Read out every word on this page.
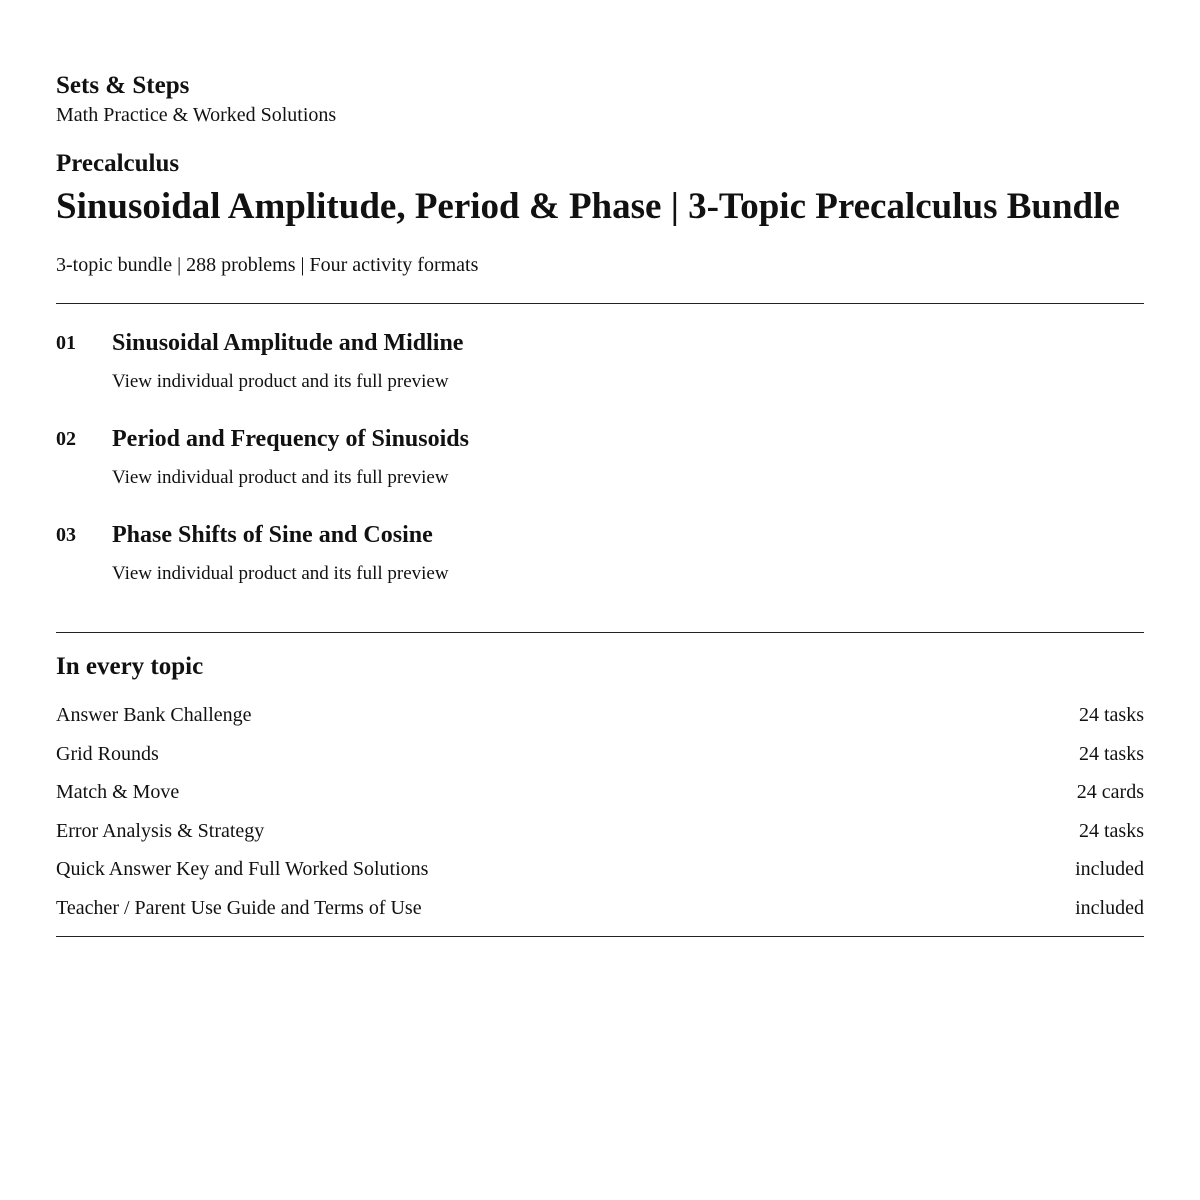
Sets & Steps

Math Practice & Worked Solutions

Precalculus

Sinusoidal Amplitude, Period & Phase | 3-Topic Precalculus Bundle

3-topic bundle | 288 problems | Four activity formats

01	Sinusoidal Amplitude and Midline
View individual product and its full preview
02	Period and Frequency of Sinusoids
View individual product and its full preview
03	Phase Shifts of Sine and Cosine
View individual product and its full preview
In every topic
Answer Bank Challenge	24 tasks
Grid Rounds	24 tasks
Match & Move	24 cards
Error Analysis & Strategy	24 tasks
Quick Answer Key and Full Worked Solutions	included
Teacher / Parent Use Guide and Terms of Use	included
